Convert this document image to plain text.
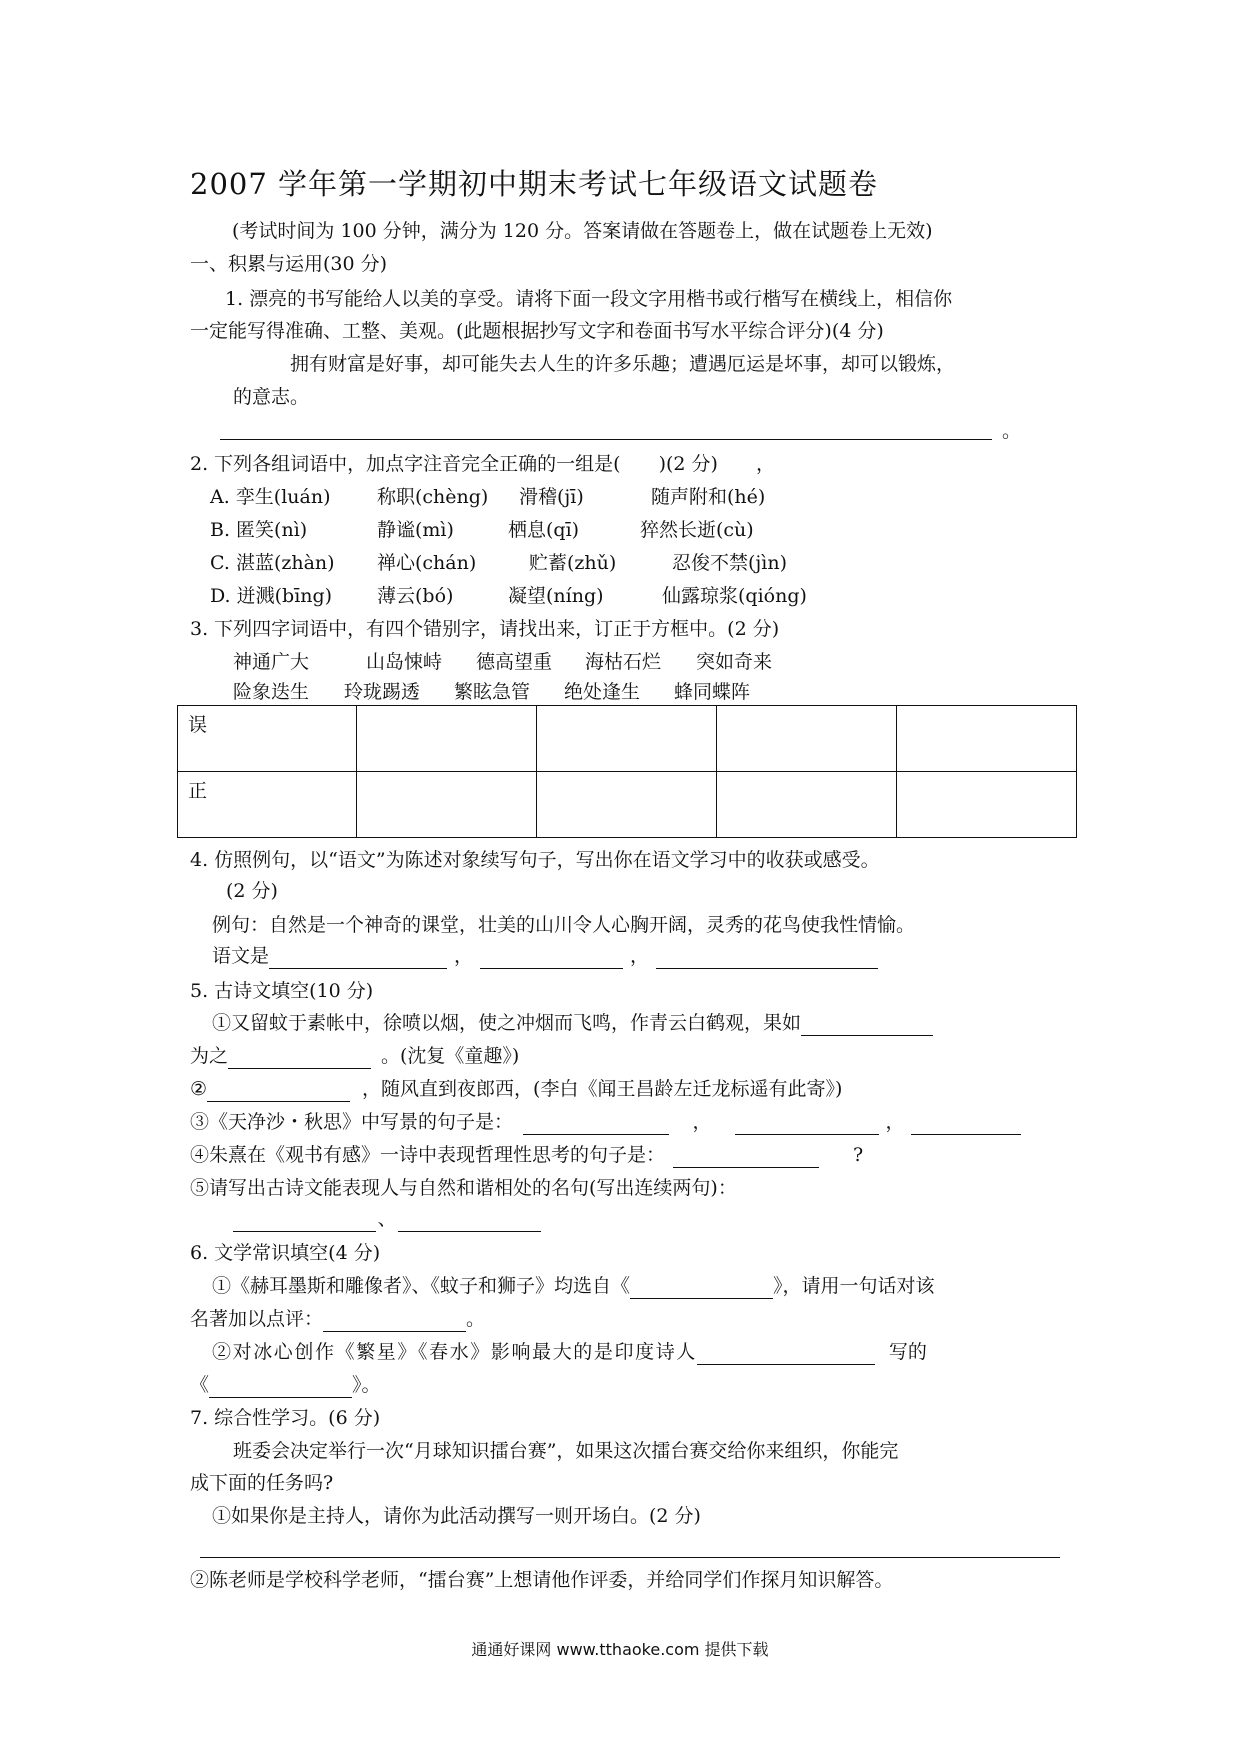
2007 学年第一学期初中期末考试七年级语文试题卷
(考试时间为 100 分钟，满分为 120 分。答案请做在答题卷上，做在试题卷上无效)
一、积累与运用(30 分)
1. 漂亮的书写能给人以美的享受。请将下面一段文字用楷书或行楷写在横线上，相信你
一定能写得准确、工整、美观。(此题根据抄写文字和卷面书写水平综合评分)(4 分)
拥有财富是好事，却可能失去人生的许多乐趣；遭遇厄运是坏事，却可以锻炼，
的意志。
。
2. 下列各组词语中，加点字注音完全正确的一组是(　　)(2 分)　　，
A. 孪生(luán) 称职(chèng) 滑稽(jī)	随声附和(hé)
B. 匿笑(nì)	静谧(mì)	栖息(qī)	猝然长逝(cù)
C. 湛蓝(zhàn) 禅心(chán)	贮蓄(zhǔ)	忍俊不禁(jìn)
D. 迸溅(bīng) 薄云(bó)	凝望(níng)	仙露琼浆(qióng)
3. 下列四字词语中，有四个错别字，请找出来，订正于方框中。(2 分)
神通广大	山岛悚峙 德高望重 海枯石烂 突如奇来
险象迭生 玲珑踢透 繁眩急管 绝处逢生 蜂同蝶阵
误				
正				
4. 仿照例句，以“语文”为陈述对象续写句子，写出你在语文学习中的收获或感受。
(2 分)
例句：自然是一个神奇的课堂，壮美的山川令人心胸开阔，灵秀的花鸟使我性情愉。
语文是	，	，
5. 古诗文填空(10 分)
①又留蚊于素帐中，徐喷以烟，使之冲烟而飞鸣，作青云白鹤观，果如
为之	。(沈复《童趣》)
②	，随风直到夜郎西，(李白《闻王昌龄左迁龙标遥有此寄》)
③《天净沙・秋思》中写景的句子是：	，	，
④朱熹在《观书有感》一诗中表现哲理性思考的句子是：	?
⑤请写出古诗文能表现人与自然和谐相处的名句(写出连续两句)：
、
6. 文学常识填空(4 分)
①《赫耳墨斯和雕像者》、《蚊子和狮子》均选自《	》，请用一句话对该
名著加以点评：	。
②对冰心创作《繁星》《春水》影响最大的是印度诗人	写的
《	》。
7. 综合性学习。(6 分)
班委会决定举行一次“月球知识擂台赛”，如果这次擂台赛交给你来组织，你能完
成下面的任务吗?
①如果你是主持人，请你为此活动撰写一则开场白。(2 分)
②陈老师是学校科学老师，“擂台赛”上想请他作评委，并给同学们作探月知识解答。
通通好课网 www.tthaoke.com 提供下载
